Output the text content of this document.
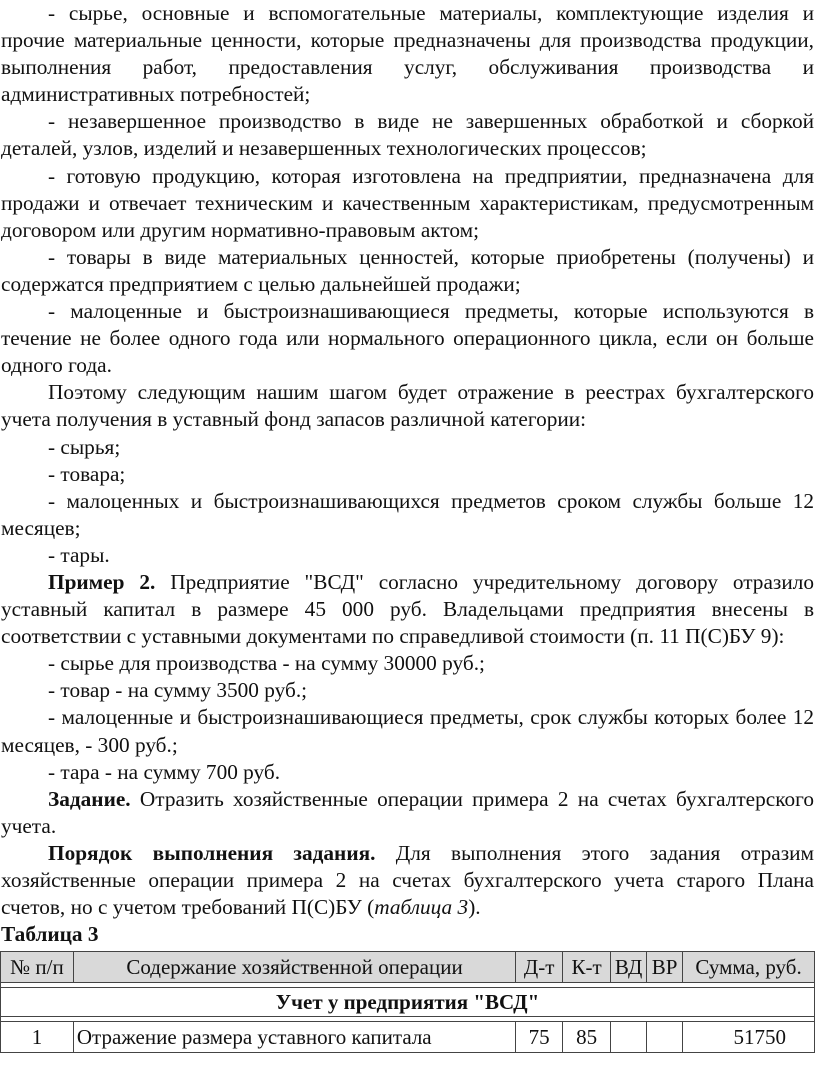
- сырье, основные и вспомогательные материалы, комплектующие изделия и прочие материальные ценности, которые предназначены для производства продукции, выполнения работ, предоставления услуг, обслуживания производства и административных потребностей;

- незавершенное производство в виде не завершенных обработкой и сборкой деталей, узлов, изделий и незавершенных технологических процессов;

- готовую продукцию, которая изготовлена на предприятии, предназначена для продажи и отвечает техническим и качественным характеристикам, предусмотренным договором или другим нормативно-правовым актом;

- товары в виде материальных ценностей, которые приобретены (получены) и содержатся предприятием с целью дальнейшей продажи;

- малоценные и быстроизнашивающиеся предметы, которые используются в течение не более одного года или нормального операционного цикла, если он больше одного года.

Поэтому следующим нашим шагом будет отражение в реестрах бухгалтерского учета получения в уставный фонд запасов различной категории:

- сырья;

- товара;

- малоценных и быстроизнашивающихся предметов сроком службы больше 12 месяцев;

- тары.

Пример 2. Предприятие "ВСД" согласно учредительному договору отразило уставный капитал в размере 45 000 руб. Владельцами предприятия внесены в соответствии с уставными документами по справедливой стоимости (п. 11 П(С)БУ 9):

- сырье для производства - на сумму 30000 руб.;

- товар - на сумму 3500 руб.;

- малоценные и быстроизнашивающиеся предметы, срок службы которых более 12 месяцев, - 300 руб.;

- тара - на сумму 700 руб.

Задание. Отразить хозяйственные операции примера 2 на счетах бухгалтерского учета.

Порядок выполнения задания. Для выполнения этого задания отразим хозяйственные операции примера 2 на счетах бухгалтерского учета старого Плана счетов, но с учетом требований П(С)БУ (таблица 3).

Таблица 3
№ п/п	Содержание хозяйственной операции	Д-т	К-т	ВД	ВР	Сумма, руб.

Учет у предприятия "ВСД"						

1	Отражение размера уставного капитала	75	85			51750
